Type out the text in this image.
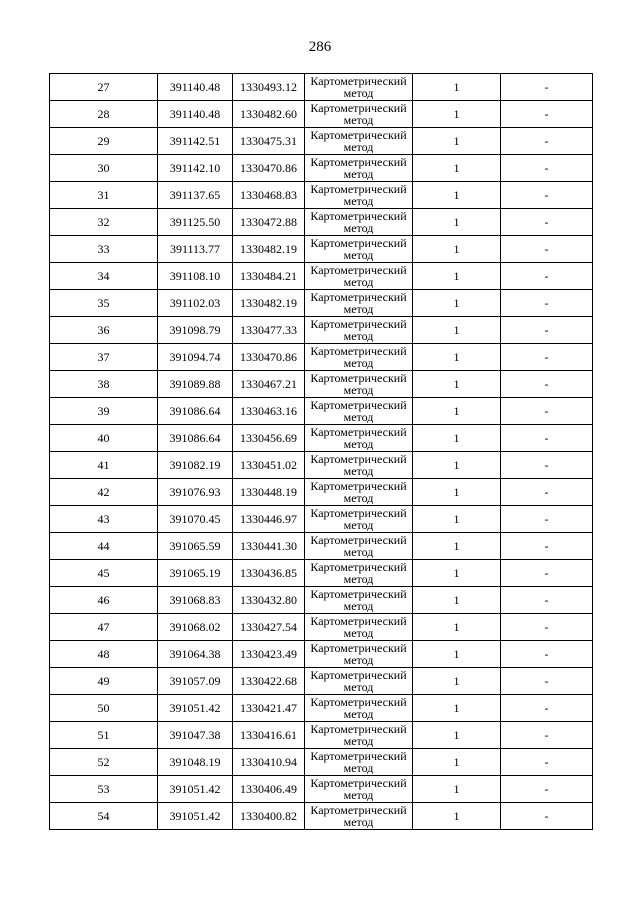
286
27	391140.48	1330493.12	Картометрический
метод	1	-
28	391140.48	1330482.60	Картометрический
метод	1	-
29	391142.51	1330475.31	Картометрический
метод	1	-
30	391142.10	1330470.86	Картометрический
метод	1	-
31	391137.65	1330468.83	Картометрический
метод	1	-
32	391125.50	1330472.88	Картометрический
метод	1	-
33	391113.77	1330482.19	Картометрический
метод	1	-
34	391108.10	1330484.21	Картометрический
метод	1	-
35	391102.03	1330482.19	Картометрический
метод	1	-
36	391098.79	1330477.33	Картометрический
метод	1	-
37	391094.74	1330470.86	Картометрический
метод	1	-
38	391089.88	1330467.21	Картометрический
метод	1	-
39	391086.64	1330463.16	Картометрический
метод	1	-
40	391086.64	1330456.69	Картометрический
метод	1	-
41	391082.19	1330451.02	Картометрический
метод	1	-
42	391076.93	1330448.19	Картометрический
метод	1	-
43	391070.45	1330446.97	Картометрический
метод	1	-
44	391065.59	1330441.30	Картометрический
метод	1	-
45	391065.19	1330436.85	Картометрический
метод	1	-
46	391068.83	1330432.80	Картометрический
метод	1	-
47	391068.02	1330427.54	Картометрический
метод	1	-
48	391064.38	1330423.49	Картометрический
метод	1	-
49	391057.09	1330422.68	Картометрический
метод	1	-
50	391051.42	1330421.47	Картометрический
метод	1	-
51	391047.38	1330416.61	Картометрический
метод	1	-
52	391048.19	1330410.94	Картометрический
метод	1	-
53	391051.42	1330406.49	Картометрический
метод	1	-
54	391051.42	1330400.82	Картометрический
метод	1	-
